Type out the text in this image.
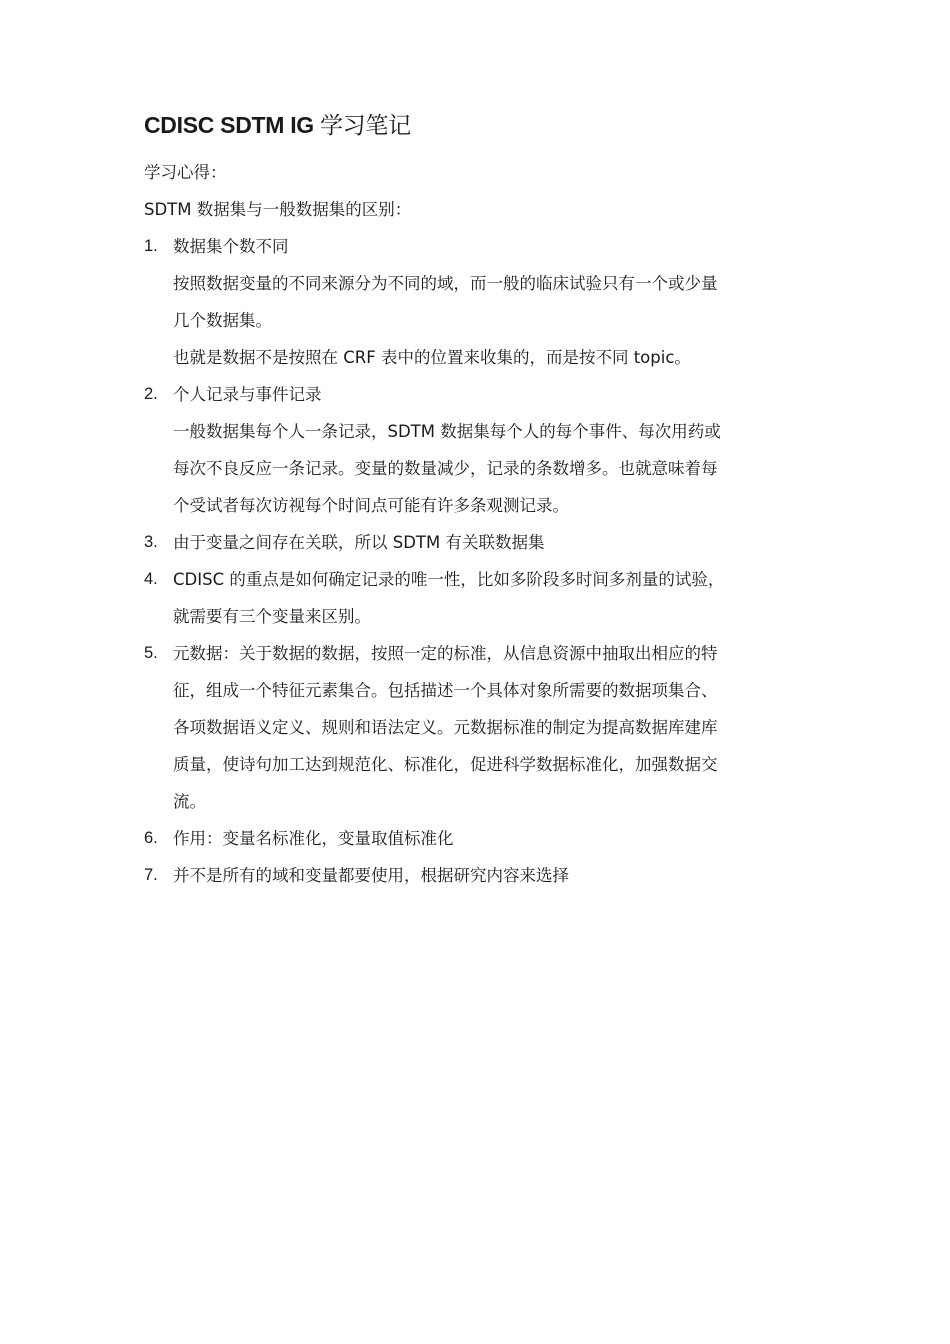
CDISC SDTM IG 学习笔记

学习心得：

SDTM 数据集与一般数据集的区别：

1. 数据集个数不同
按照数据变量的不同来源分为不同的域，而一般的临床试验只有一个或少量
几个数据集。
也就是数据不是按照在 CRF 表中的位置来收集的，而是按不同 topic。
2. 个人记录与事件记录
一般数据集每个人一条记录，SDTM 数据集每个人的每个事件、每次用药或
每次不良反应一条记录。变量的数量减少，记录的条数增多。也就意味着每
个受试者每次访视每个时间点可能有许多条观测记录。
3. 由于变量之间存在关联，所以 SDTM 有关联数据集
4. CDISC 的重点是如何确定记录的唯一性，比如多阶段多时间多剂量的试验，
就需要有三个变量来区别。
5. 元数据：关于数据的数据，按照一定的标准，从信息资源中抽取出相应的特
征，组成一个特征元素集合。包括描述一个具体对象所需要的数据项集合、
各项数据语义定义、规则和语法定义。元数据标准的制定为提高数据库建库
质量，使诗句加工达到规范化、标准化，促进科学数据标准化，加强数据交
流。
6. 作用：变量名标准化，变量取值标准化
7. 并不是所有的域和变量都要使用，根据研究内容来选择
